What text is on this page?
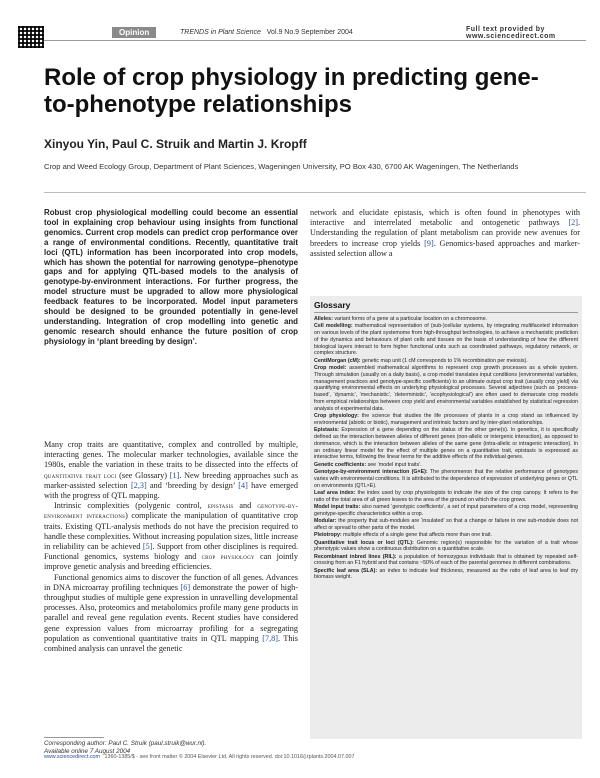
Opinion	TRENDS in Plant Science Vol.9 No.9 September 2004	Full text provided by www.sciencedirect.com
Role of crop physiology in predicting gene-to-phenotype relationships
Xinyou Yin, Paul C. Struik and Martin J. Kropff
Crop and Weed Ecology Group, Department of Plant Sciences, Wageningen University, PO Box 430, 6700 AK Wageningen, The Netherlands
Robust crop physiological modelling could become an essential tool in explaining crop behaviour using insights from functional genomics. Current crop models can predict crop performance over a range of environmental conditions. Recently, quantitative trait loci (QTL) information has been incorporated into crop models, which has shown the potential for narrowing genotype–phenotype gaps and for applying QTL-based models to the analysis of genotype-by-environment interactions. For further progress, the model structure must be upgraded to allow more physiological feedback features to be incorporated. Model input parameters should be designed to be grounded potentially in gene-level understanding. Integration of crop modelling into genetic and genomic research should enhance the future position of crop physiology in ‘plant breeding by design’.

Many crop traits are quantitative, complex and controlled by multiple, interacting genes. The molecular marker technologies, available since the 1980s, enable the variation in these traits to be dissected into the effects of quantitative trait loci (see Glossary) [1]. New breeding approaches such as marker-assisted selection [2,3] and ‘breeding by design’ [4] have emerged with the progress of QTL mapping.

Intrinsic complexities (polygenic control, epistasis and genotype-by-environment interactions) complicate the manipulation of quantitative crop traits. Existing QTL-analysis methods do not have the precision required to handle these complexities. Without increasing population sizes, little increase in reliability can be achieved [5]. Support from other disciplines is required. Functional genomics, systems biology and crop physiology can jointly improve genetic analysis and breeding efficiencies.

Functional genomics aims to discover the function of all genes. Advances in DNA microarray profiling techniques [6] demonstrate the power of high-throughput studies of multiple gene expression in unravelling developmental processes. Also, proteomics and metabolomics profile many gene products in parallel and reveal gene regulation events. Recent studies have considered gene expression values from microarray profiling for a segregating population as conventional quantitative traits in QTL mapping [7,8]. This combined analysis can unravel the genetic

network and elucidate epistasis, which is often found in phenotypes with interactive and interrelated metabolic and ontogenetic pathways [2]. Understanding the regulation of plant metabolism can provide new avenues for breeders to increase crop yields [9]. Genomics-based approaches and marker-assisted selection allow a
Glossary

Alleles: variant forms of a gene at a particular location on a chromosome.

Cell modelling: mathematical representation of (sub-)cellular systems, by integrating multifaceted information on various levels of the plant systemome from high-throughput technologies, to achieve a mechanistic prediction of the dynamics and behaviours of plant cells and tissues on the basis of understanding of how the different biological layers interact to form higher functional units such as coordinated pathways, regulatory network, or complex structure.

CentiMorgan (cM): genetic map unit (1 cM corresponds to 1% recombination per meiosis).

Crop model: assembled mathematical algorithms to represent crop growth processes as a whole system. Through simulation (usually on a daily basis), a crop model translates input conditions (environmental variables, management practices and genotype-specific coefficients) to an ultimate output crop trait (usually crop yield) via quantifying environmental effects on underlying physiological processes. Several adjectives (such as ‘process-based’, ‘dynamic’, ‘mechanistic’, ‘deterministic’, ‘ecophysiological’) are often used to demarcate crop models from empirical relationships between crop yield and environmental variables established by statistical regression analysis of experimental data.

Crop physiology: the science that studies the life processes of plants in a crop stand as influenced by environmental (abiotic or biotic), management and intrinsic factors and by inter-plant relationships.

Epistasis: Expression of a gene depending on the status of the other gene(s). In genetics, it is specifically defined as the interaction between alleles of different genes (non-allelic or intergenic interaction), as opposed to dominance, which is the interaction between alleles of the same gene (intra-allelic or intragenic interaction). In an ordinary linear model for the effect of multiple genes on a quantitative trait, epistasis is expressed as interactive terms, following the linear terms for the additive effects of the individual genes.

Genetic coefficients: see ‘model input traits’.

Genotype-by-environment interaction (G×E): The phenomenon that the relative performance of genotypes varies with environmental conditions. It is attributed to the dependence of expression of underlying genes or QTL on environments (QTL×E).

Leaf area index: the index used by crop physiologists to indicate the size of the crop canopy. It refers to the ratio of the total area of all green leaves to the area of the ground on which the crop grows.

Model input traits: also named ‘genotypic coefficients’, a set of input parameters of a crop model, representing genotype-specific characteristics within a crop.

Modular: the property that sub-modules are ‘insulated’ so that a change or failure in one sub-module does not affect or spread to other parts of the model.

Pleiotropy: multiple effects of a single gene that affects more than one trait.

Quantitative trait locus or loci (QTL): Genomic region(s) responsible for the variation of a trait whose phenotypic values show a continuous distribution on a quantitative scale.

Recombinant inbred lines (RIL): a population of homozygous individuals that is obtained by repeated self-crossing from an F1 hybrid and that contains ~50% of each of the parental genomes in different combinations.

Specific leaf area (SLA): an index to indicate leaf thickness, measured as the ratio of leaf area to leaf dry biomass weight.

Corresponding author: Paul C. Struik (paul.struik@wur.nl).
Available online 7 August 2004
www.sciencedirect.com 1360-1385/$ - see front matter © 2004 Elsevier Ltd. All rights reserved. doi:10.1016/j.tplants.2004.07.007
